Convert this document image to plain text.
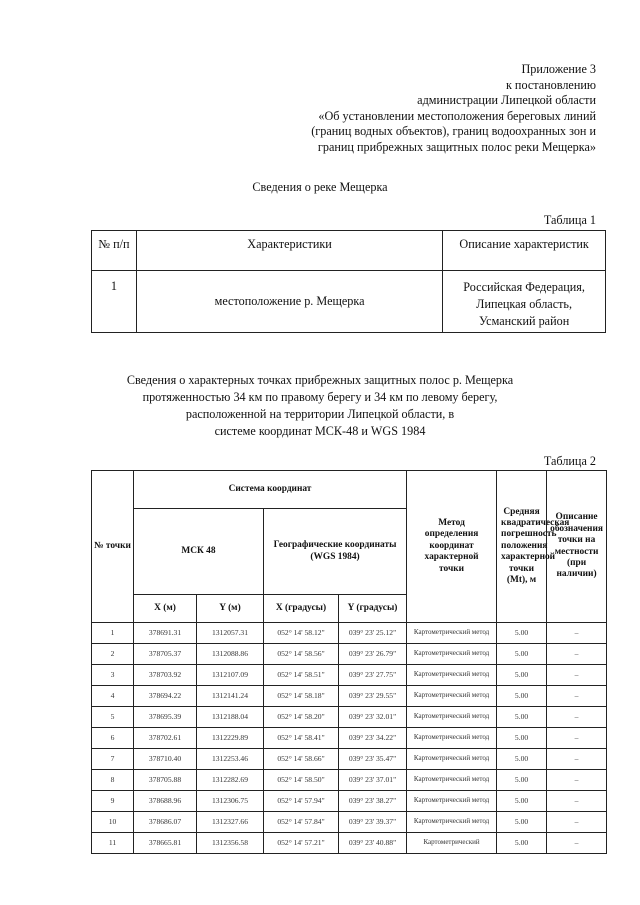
Приложение 3
к постановлению
администрации Липецкой области
«Об установлении местоположения береговых линий
(границ водных объектов), границ водоохранных зон и
границ прибрежных защитных полос реки Мещерка»
Сведения о реке Мещерка
Таблица 1
№ п/п	Характеристики	Описание характеристик
1	местоположение р. Мещерка	Российская Федерация,
Липецкая область,
Усманский район
Сведения о характерных точках прибрежных защитных полос р. Мещерка
протяженностью 34 км по правому берегу и 34 км по левому берегу,
расположенной на территории Липецкой области, в
системе координат МСК-48 и WGS 1984
Таблица 2
№ точки	Система координат				Метод определения координат характерной точки	Средняя квадратическая погрешность положения характерной точки (Mt), м	Описание обозначения точки на местности (при наличии)
	МСК 48		Географические координаты (WGS 1984)				
	X (м)	Y (м)	X (градусы)	Y (градусы)			
1	378691.31	1312057.31	052° 14' 58.12"	039° 23' 25.12"	Картометрический метод	5.00	–
2	378705.37	1312088.86	052° 14' 58.56"	039° 23' 26.79"	Картометрический метод	5.00	–
3	378703.92	1312107.09	052° 14' 58.51"	039° 23' 27.75"	Картометрический метод	5.00	–
4	378694.22	1312141.24	052° 14' 58.18"	039° 23' 29.55"	Картометрический метод	5.00	–
5	378695.39	1312188.04	052° 14' 58.20"	039° 23' 32.01"	Картометрический метод	5.00	–
6	378702.61	1312229.89	052° 14' 58.41"	039° 23' 34.22"	Картометрический метод	5.00	–
7	378710.40	1312253.46	052° 14' 58.66"	039° 23' 35.47"	Картометрический метод	5.00	–
8	378705.88	1312282.69	052° 14' 58.50"	039° 23' 37.01"	Картометрический метод	5.00	–
9	378688.96	1312306.75	052° 14' 57.94"	039° 23' 38.27"	Картометрический метод	5.00	–
10	378686.07	1312327.66	052° 14' 57.84"	039° 23' 39.37"	Картометрический метод	5.00	–
11	378665.81	1312356.58	052° 14' 57.21"	039° 23' 40.88"	Картометрический	5.00	–
